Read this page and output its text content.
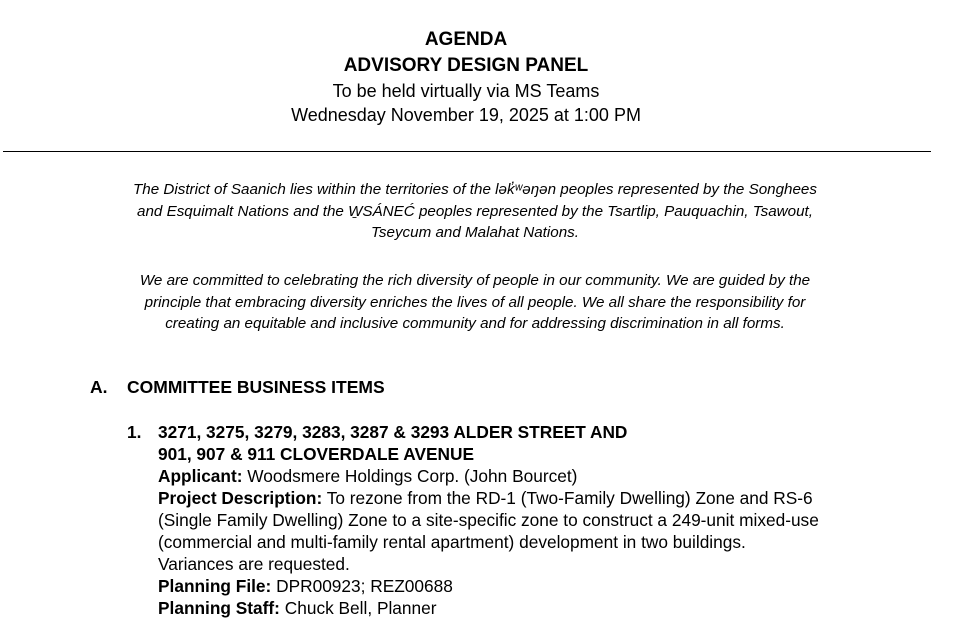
AGENDA
ADVISORY DESIGN PANEL
To be held virtually via MS Teams
Wednesday November 19, 2025 at 1:00 PM
The District of Saanich lies within the territories of the lək̓ʷəŋən peoples represented by the Songhees
and Esquimalt Nations and the W̱SÁNEĆ peoples represented by the Tsartlip, Pauquachin, Tsawout,
Tseycum and Malahat Nations.
We are committed to celebrating the rich diversity of people in our community. We are guided by the
principle that embracing diversity enriches the lives of all people. We all share the responsibility for
creating an equitable and inclusive community and for addressing discrimination in all forms.
A. COMMITTEE BUSINESS ITEMS
1. 3271, 3275, 3279, 3283, 3287 & 3293 ALDER STREET AND
901, 907 & 911 CLOVERDALE AVENUE
Applicant: Woodsmere Holdings Corp. (John Bourcet)
Project Description: To rezone from the RD-1 (Two-Family Dwelling) Zone and RS-6
(Single Family Dwelling) Zone to a site-specific zone to construct a 249-unit mixed-use
(commercial and multi-family rental apartment) development in two buildings.
Variances are requested.
Planning File: DPR00923; REZ00688
Planning Staff: Chuck Bell, Planner
